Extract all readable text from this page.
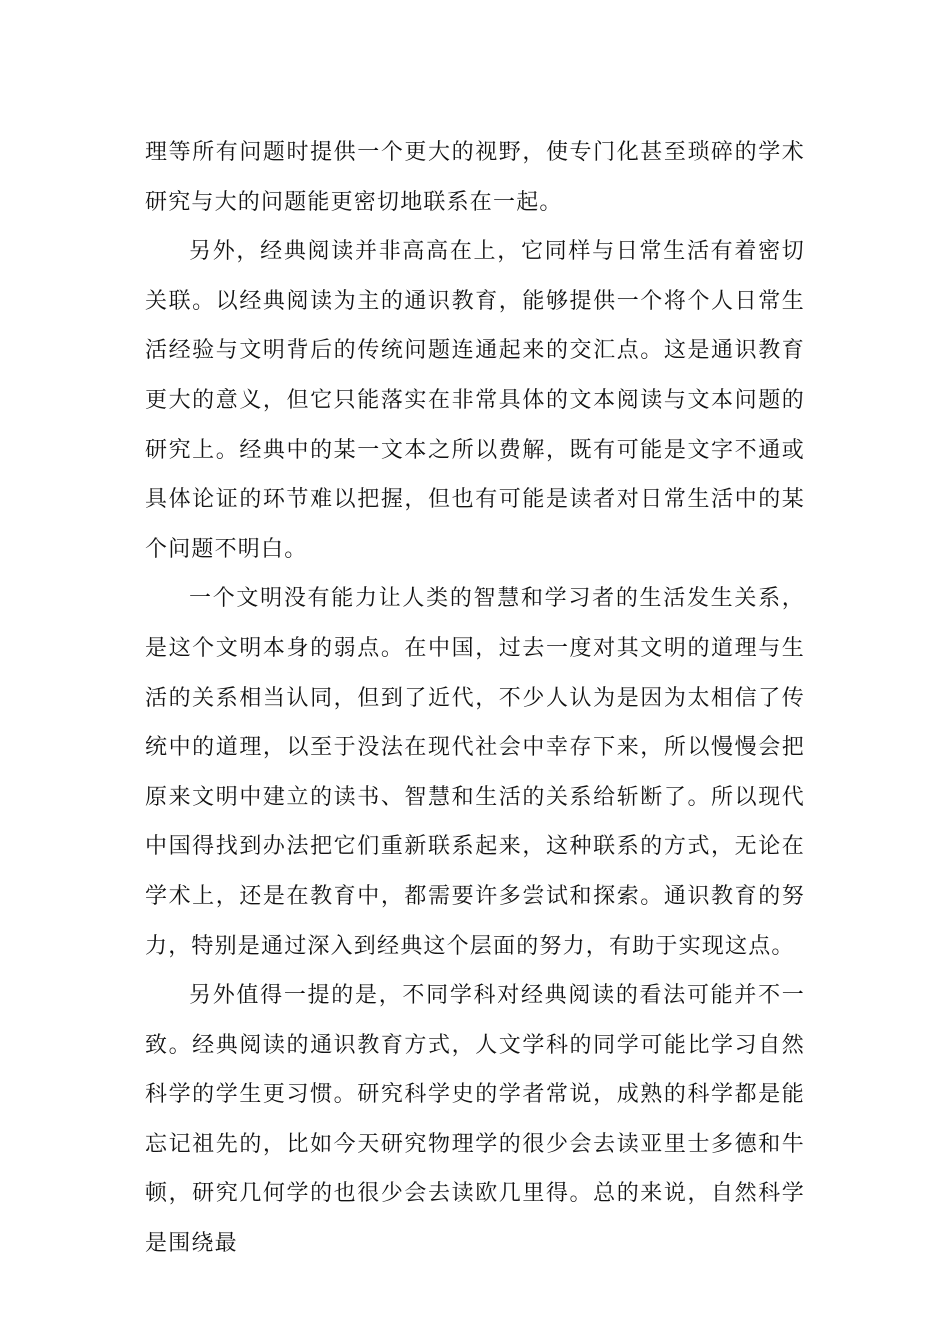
理等所有问题时提供一个更大的视野，使专门化甚至琐碎的学术研究与大的问题能更密切地联系在一起。

另外，经典阅读并非高高在上，它同样与日常生活有着密切关联。以经典阅读为主的通识教育，能够提供一个将个人日常生活经验与文明背后的传统问题连通起来的交汇点。这是通识教育更大的意义，但它只能落实在非常具体的文本阅读与文本问题的研究上。经典中的某一文本之所以费解，既有可能是文字不通或具体论证的环节难以把握，但也有可能是读者对日常生活中的某个问题不明白。

一个文明没有能力让人类的智慧和学习者的生活发生关系，是这个文明本身的弱点。在中国，过去一度对其文明的道理与生活的关系相当认同，但到了近代，不少人认为是因为太相信了传统中的道理，以至于没法在现代社会中幸存下来，所以慢慢会把原来文明中建立的读书、智慧和生活的关系给斩断了。所以现代中国得找到办法把它们重新联系起来，这种联系的方式，无论在学术上，还是在教育中，都需要许多尝试和探索。通识教育的努力，特别是通过深入到经典这个层面的努力，有助于实现这点。

另外值得一提的是，不同学科对经典阅读的看法可能并不一致。经典阅读的通识教育方式，人文学科的同学可能比学习自然科学的学生更习惯。研究科学史的学者常说，成熟的科学都是能忘记祖先的，比如今天研究物理学的很少会去读亚里士多德和牛顿，研究几何学的也很少会去读欧几里得。总的来说，自然科学是围绕最
